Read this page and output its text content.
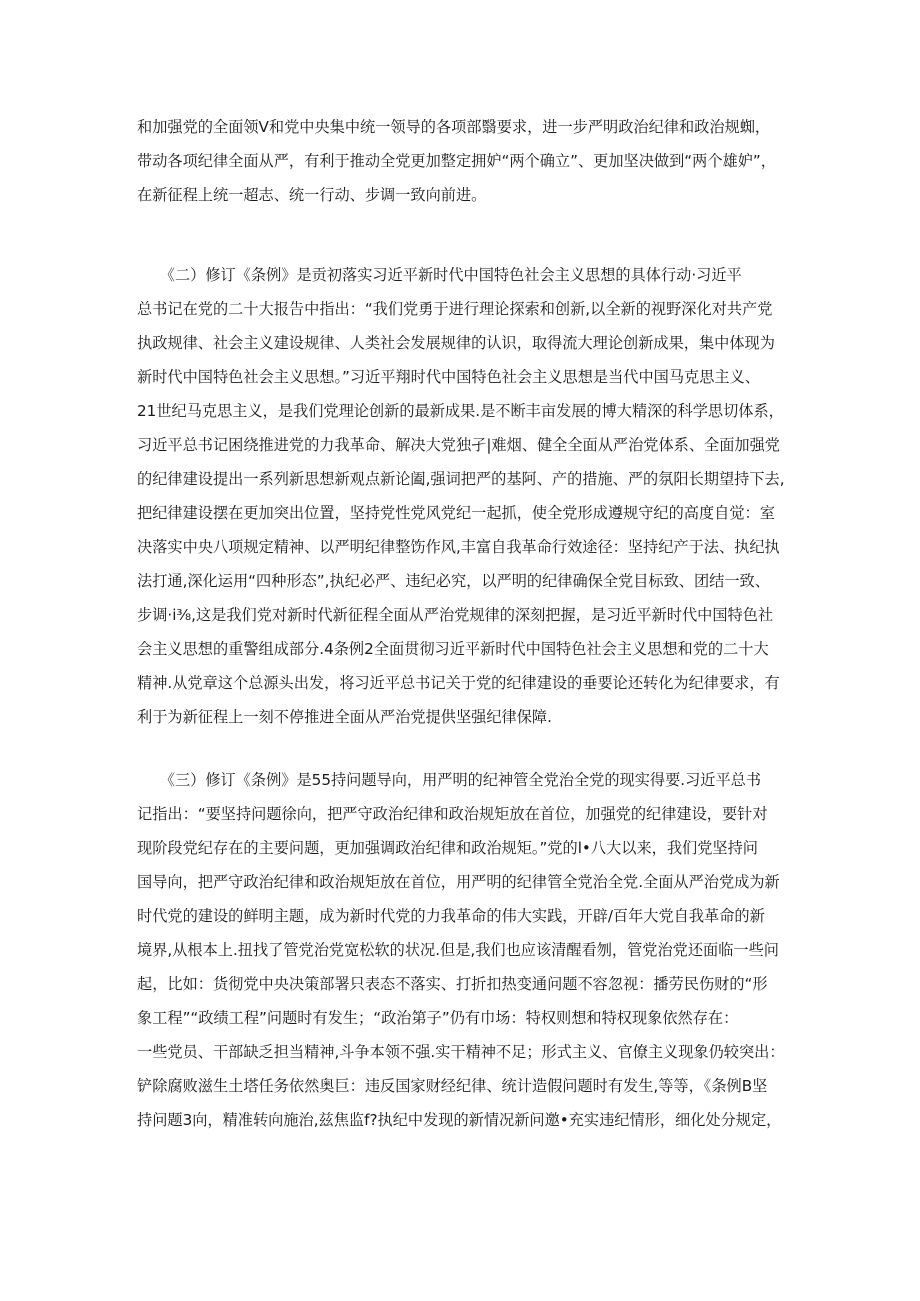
和加强党的全面领V和党中央集中统一领导的各项部翳要求，进一步严明政治纪律和政治规蜘，
带动各项纪律全面从严，有利于推动全党更加整定拥妒“两个确立”、更加坚决做到“两个雄妒”，
在新征程上统一超志、统一行动、步调一致向前进。
　　《二）修订《条例》是贡初落实习近平新时代中国特色社会主义思想的具体行动·习近平
总书记在党的二十大报告中指出：“我们党勇于进行理论探索和创新,以全新的视野深化对共产党
执政规律、社会主义建设规律、人类社会发展规律的认识，取得流大理论创新成果，集中体现为
新时代中国特色社会主义思想。”习近平翔时代中国特色社会主义思想是当代中国马克思主义、
21世纪马克思主义，是我们党理论创新的最新成果.是不断丰亩发展的博大精深的科学思切体系，
习近平总书记困绕推进党的力我革命、解决大党独孑|难烟、健全全面从严治党体系、全面加强党
的纪律建设提出一系列新思想新观点新论阖,强词把严的基阿、产的措施、严的氛阳长期望持下去,
把纪律建设摆在更加突出位置，坚持党性党风党纪一起抓，使全党形成遵规守纪的高度自觉：室
决落实中央八项规定精神、以严明纪律整饬作风,丰富自我革命行效途径：坚持纪产于法、执纪执
法打通,深化运用“四种形态”,执纪必严、违纪必究，以严明的纪律确保全党目标致、团结一致、
步调·i⅜,这是我们党对新时代新征程全面从严治党规律的深刻把握，是习近平新时代中国特色社
会主义思想的重警组成部分.4条例2全面贯彻习近平新时代中国特色社会主义思想和党的二十大
精神.从党章这个总源头出发，将习近平总书记关于党的纪律建设的垂要论还转化为纪律要求，有
利于为新征程上一刻不停推进全面从严治党提供坚强纪律保障.
　　《三）修订《条例》是55持问题导向，用严明的纪神管全党治全党的现实得要.习近平总书
记指出：“要坚持问题徐向，把严守政治纪律和政治规矩放在首位，加强党的纪律建设，要针对
现阶段党纪存在的主要问题，更加强调政治纪律和政治规矩。”党的l•八大以来，我们党坚持问
国导向，把严守政治纪律和政治规矩放在首位，用严明的纪律管全党治全党.全面从严治党成为新
时代党的建设的鲜明主题，成为新时代党的力我革命的伟大实践，开辟/百年大党自我革命的新
境界,从根本上.扭找了管党治党宽松软的状况.但是,我们也应该清醒看刎，管党治党还面临一些问
起，比如：货彻党中央决策部署只表态不落实、打折扣热变通问题不容忽视：播劳民伤财的“形
象工程”“政绩工程”问题时有发生；“政治第子”仍有巾场：特权则想和特权现象依然存在：
一些党员、干部缺乏担当精神,斗争本领不强.实干精神不足；形式主义、官僚主义现象仍较突出：
铲除腐败滋生土塔任务依然奥巨：违反国家财经纪律、统计造假问题时有发生,等等，《条例B坚
持问题3向，精准转向施治,兹焦监f?执纪中发现的新情况新问邀•充实违纪情形，细化处分规定，
